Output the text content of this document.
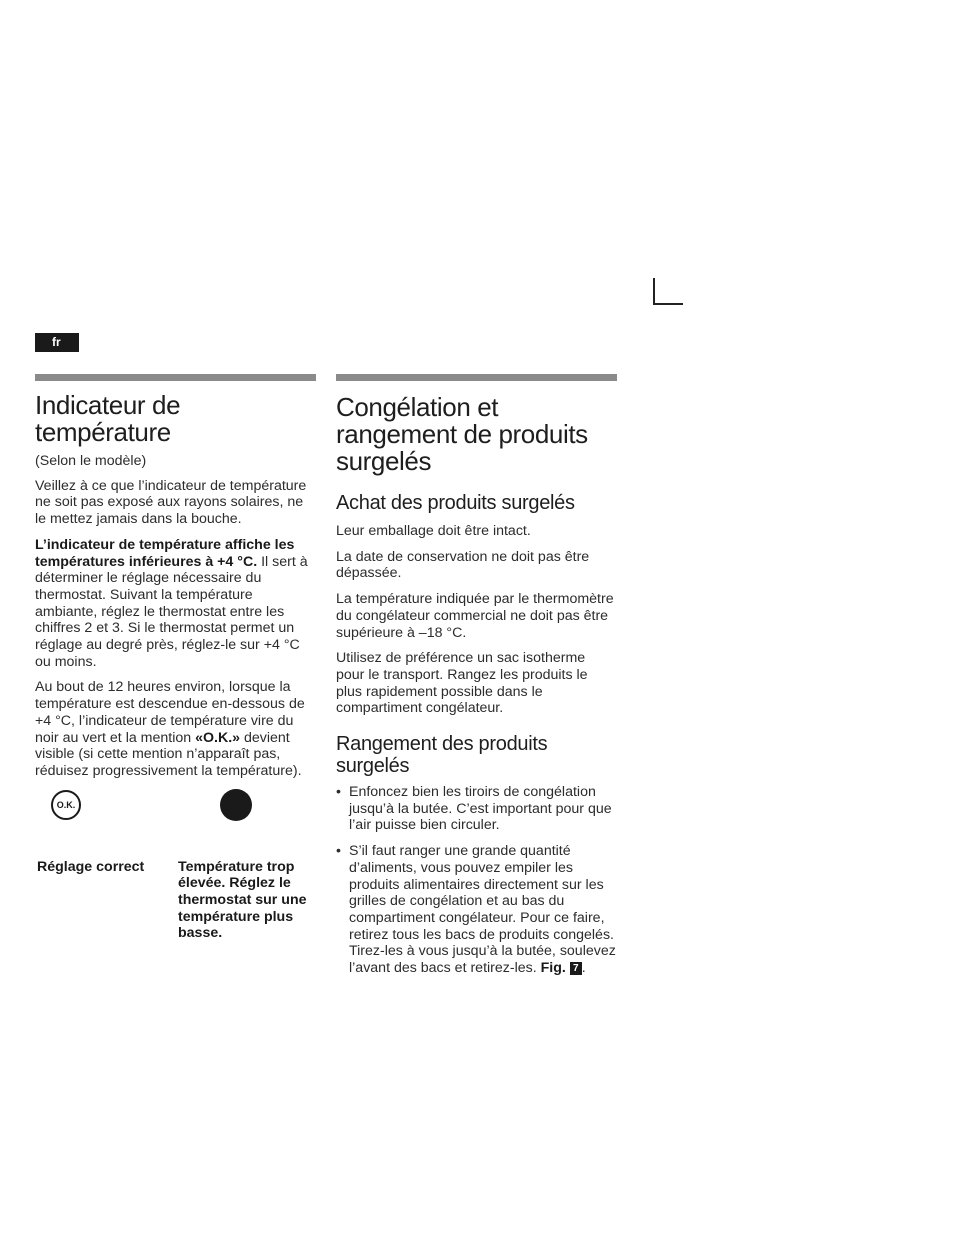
fr
Indicateur de température

(Selon le modèle)

Veillez à ce que l’indicateur de température ne soit pas exposé aux rayons solaires, ne le mettez jamais dans la bouche.

L’indicateur de température affiche les températures inférieures à +4 °C. Il sert à déterminer le réglage nécessaire du thermostat. Suivant la température ambiante, réglez le thermostat entre les chiffres 2 et 3. Si le thermostat permet un réglage au degré près, réglez-le sur +4 °C ou moins.

Au bout de 12 heures environ, lorsque la température est descendue en-dessous de +4 °C, l’indicateur de température vire du noir au vert et la mention «O.K.» devient visible (si cette mention n’apparaît pas, réduisez progressivement la température).

O.K.
Réglage correct Température trop élevée. Réglez le thermostat sur une température plus basse.
Congélation et rangement de produits surgelés
Achat des produits surgelés

Leur emballage doit être intact.

La date de conservation ne doit pas être dépassée.

La température indiquée par le thermomètre du congélateur commercial ne doit pas être supérieure à –18 °C.

Utilisez de préférence un sac isotherme pour le transport. Rangez les produits le plus rapidement possible dans le compartiment congélateur.

Rangement des produits surgelés
• Enfoncez bien les tiroirs de congélation jusqu’à la butée. C’est important pour que l’air puisse bien circuler.
• S’il faut ranger une grande quantité d’aliments, vous pouvez empiler les produits alimentaires directement sur les grilles de congélation et au bas du compartiment congélateur. Pour ce faire, retirez tous les bacs de produits congelés. Tirez-les à vous jusqu’à la butée, soulevez l’avant des bacs et retirez-les. Fig. 7 .
